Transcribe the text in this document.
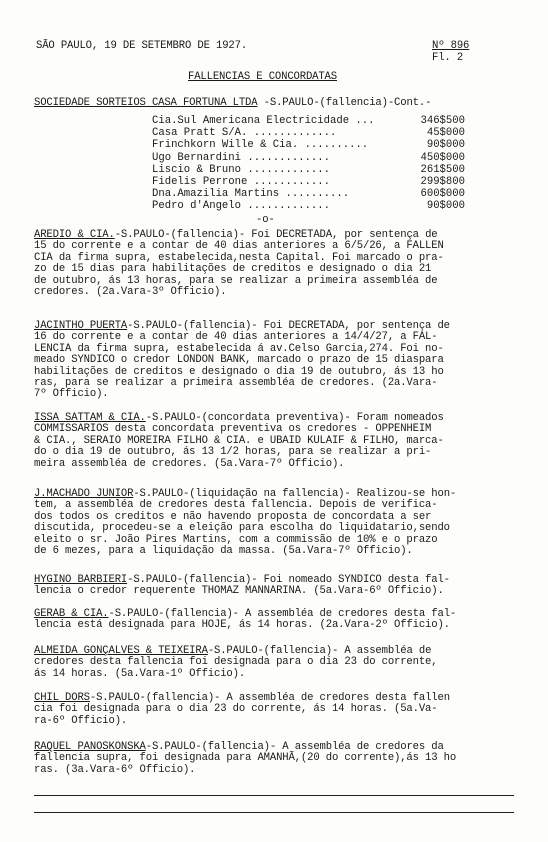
SÃO PAULO, 19 DE SETEMBRO DE 1927.	Nº 896
Fl. 2
FALLENCIAS E CONCORDATAS
SOCIEDADE SORTEIOS CASA FORTUNA LTDA -S.PAULO-(fallencia)-Cont.-
Cia.Sul Americana Electricidade ...	346$500
Casa Pratt S/A. .............	45$000
Frinchkorn Wille & Cia. ..........	90$000
Ugo Bernardini .............	450$000
Liscio & Bruno .............	261$500
Fidelis Perrone ............	299$800
Dna.Amazilia Martins ..........	600$000
Pedro d'Angelo .............	90$000
-o-
AREDIO & CIA.-S.PAULO-(fallencia)- Foi DECRETADA, por sentença de
15 do corrente e a contar de 40 dias anteriores a 6/5/26, a FALLEN
CIA da firma supra, estabelecida,nesta Capital. Foi marcado o pra-
zo de 15 dias para habilitações de creditos e designado o dia 21
de outubro, ás 13 horas, para se realizar a primeira assembléa de
credores. (2a.Vara-3º Officio).
JACINTHO PUERTA-S.PAULO-(fallencia)- Foi DECRETADA, por sentença de
16 do corrente e a contar de 40 dias anteriores a 14/4/27, a FAL-
LENCIA da firma supra, estabelecida á av.Celso Garcia,274. Foi no-
meado SYNDICO o credor LONDON BANK, marcado o prazo de 15 diaspara
habilitações de creditos e designado o dia 19 de outubro, ás 13 ho
ras, para se realizar a primeira assembléa de credores. (2a.Vara-
7º Officio).
ISSA SATTAM & CIA.-S.PAULO-(concordata preventiva)- Foram nomeados
COMMISSARIOS desta concordata preventiva os credores - OPPENHEIM
& CIA., SERAIO MOREIRA FILHO & CIA. e UBAID KULAIF & FILHO, marca-
do o dia 19 de outubro, ás 13 1/2 horas, para se realizar a pri-
meira assembléa de credores. (5a.Vara-7º Officio).
J.MACHADO JUNIOR-S.PAULO-(liquidação na fallencia)- Realizou-se hon-
tem, a assembléa de credores desta fallencia. Depois de verifica-
dos todos os creditos e não havendo proposta de concordata a ser
discutida, procedeu-se a eleição para escolha do liquidatario,sendo
eleito o sr. João Pires Martins, com a commissão de 10% e o prazo
de 6 mezes, para a liquidação da massa. (5a.Vara-7º Officio).
HYGINO BARBIERI-S.PAULO-(fallencia)- Foi nomeado SYNDICO desta fal-
lencia o credor requerente THOMAZ MANNARINA. (5a.Vara-6º Officio).
GERAB & CIA.-S.PAULO-(fallencia)- A assembléa de credores desta fal-
lencia está designada para HOJE, ás 14 horas. (2a.Vara-2º Officio).
ALMEIDA GONÇALVES & TEIXEIRA-S.PAULO-(fallencia)- A assembléa de
credores desta fallencia foi designada para o dia 23 do corrente,
ás 14 horas. (5a.Vara-1º Officio).
CHIL DORS-S.PAULO-(fallencia)- A assembléa de credores desta fallen
cia foi designada para o dia 23 do corrente, ás 14 horas. (5a.Va-
ra-6º Officio).
RAQUEL PANOSKONSKA-S.PAULO-(fallencia)- A assembléa de credores da
fallencia supra, foi designada para AMANHÃ,(20 do corrente),ás 13 ho
ras. (3a.Vara-6º Officio).
